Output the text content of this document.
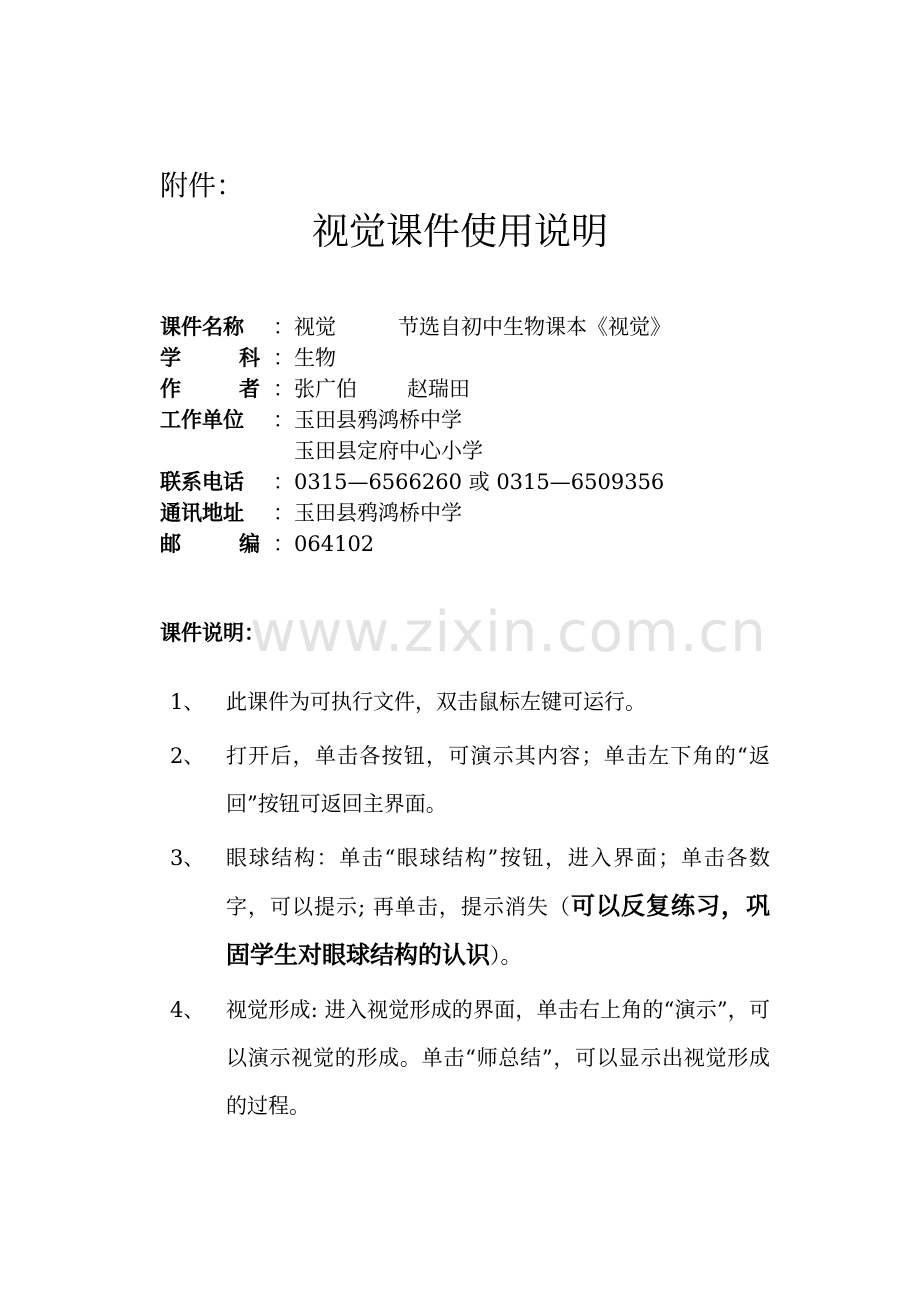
附件：
视觉课件使用说明
课件名称	： 视觉	节选自初中生物课本《视觉》
学	科 ： 生物
作	者 ： 张广伯 赵瑞田
工作单位	： 玉田县鸦鸿桥中学
玉田县定府中心小学
联系电话	： 0315—6566260 或 0315—6509356
通讯地址	： 玉田县鸦鸿桥中学
邮	编 ： 064102
www.zixin.com.cn
课件说明：
1、	此课件为可执行文件，双击鼠标左键可运行。
2、	打开后，单击各按钮，可演示其内容；单击左下角的“返回”按钮可返回主界面。
3、	眼球结构：单击“眼球结构”按钮，进入界面；单击各数字，可以提示; 再单击，提示消失（可以反复练习，巩固学生对眼球结构的认识）。
4、	视觉形成: 进入视觉形成的界面，单击右上角的“演示”，可以演示视觉的形成。单击“师总结”，可以显示出视觉形成的过程。
